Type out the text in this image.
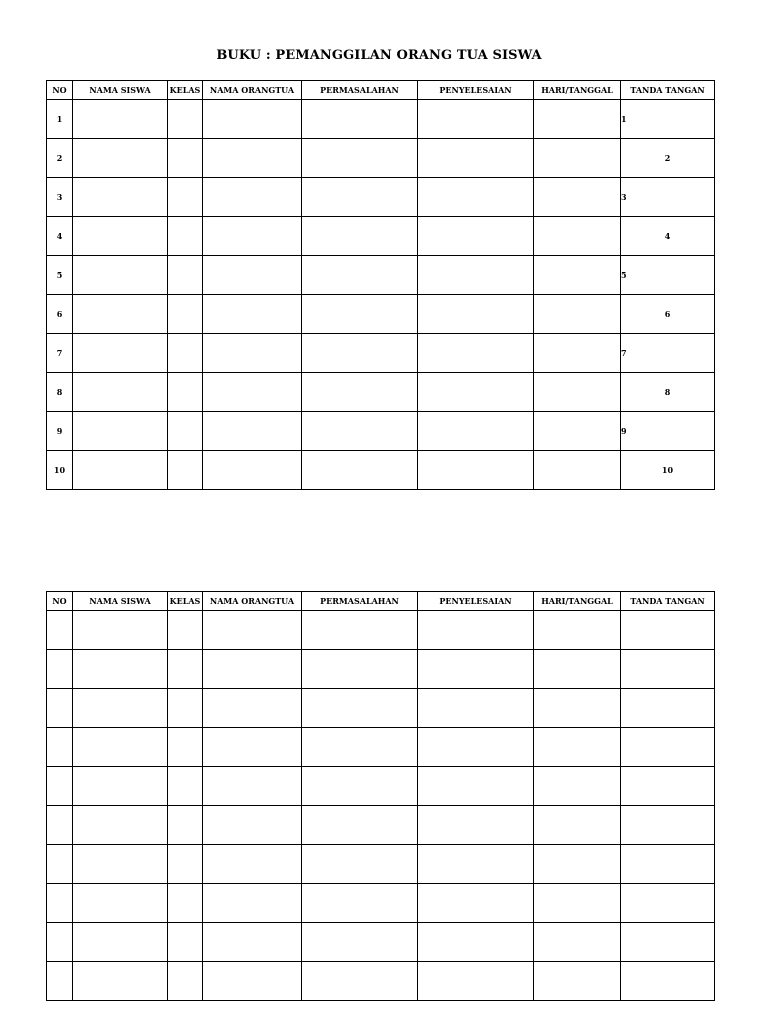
BUKU : PEMANGGILAN ORANG TUA SISWA
NO	NAMA SISWA	KELAS	NAMA ORANGTUA	PERMASALAHAN	PENYELESAIAN	HARI/TANGGAL	TANDA TANGAN
1							1
2							2
3							3
4							4
5							5
6							6
7							7
8							8
9							9
10							10
NO	NAMA SISWA	KELAS	NAMA ORANGTUA	PERMASALAHAN	PENYELESAIAN	HARI/TANGGAL	TANDA TANGAN
